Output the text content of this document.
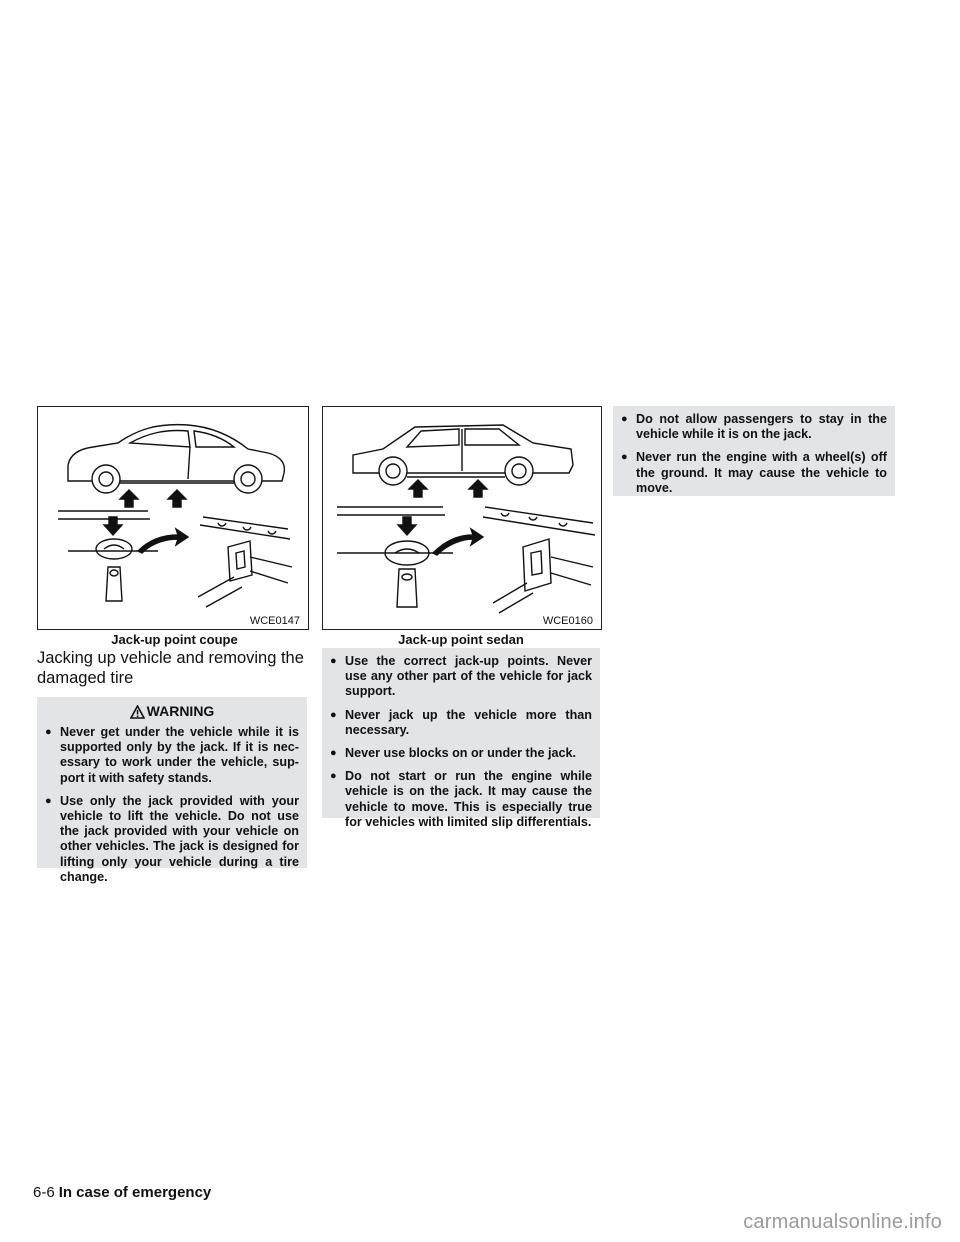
WCE0147
Jack-up point coupe
WCE0160
Jack-up point sedan
Jacking up vehicle and removing the damaged tire
WARNING
● Never get under the vehicle while it is supported only by the jack. If it is nec- essary to work under the vehicle, sup- port it with safety stands.
● Use only the jack provided with your vehicle to lift the vehicle. Do not use the jack provided with your vehicle on other vehicles. The jack is designed for lifting only your vehicle during a tire change.
● Use the correct jack-up points. Never use any other part of the vehicle for jack support.
● Never jack up the vehicle more than necessary.
● Never use blocks on or under the jack.
● Do not start or run the engine while vehicle is on the jack. It may cause the vehicle to move. This is especially true for vehicles with limited slip differentials.
● Do not allow passengers to stay in the vehicle while it is on the jack.
● Never run the engine with a wheel(s) off the ground. It may cause the vehicle to move.
6-6 In case of emergency
carmanualsonline.info
